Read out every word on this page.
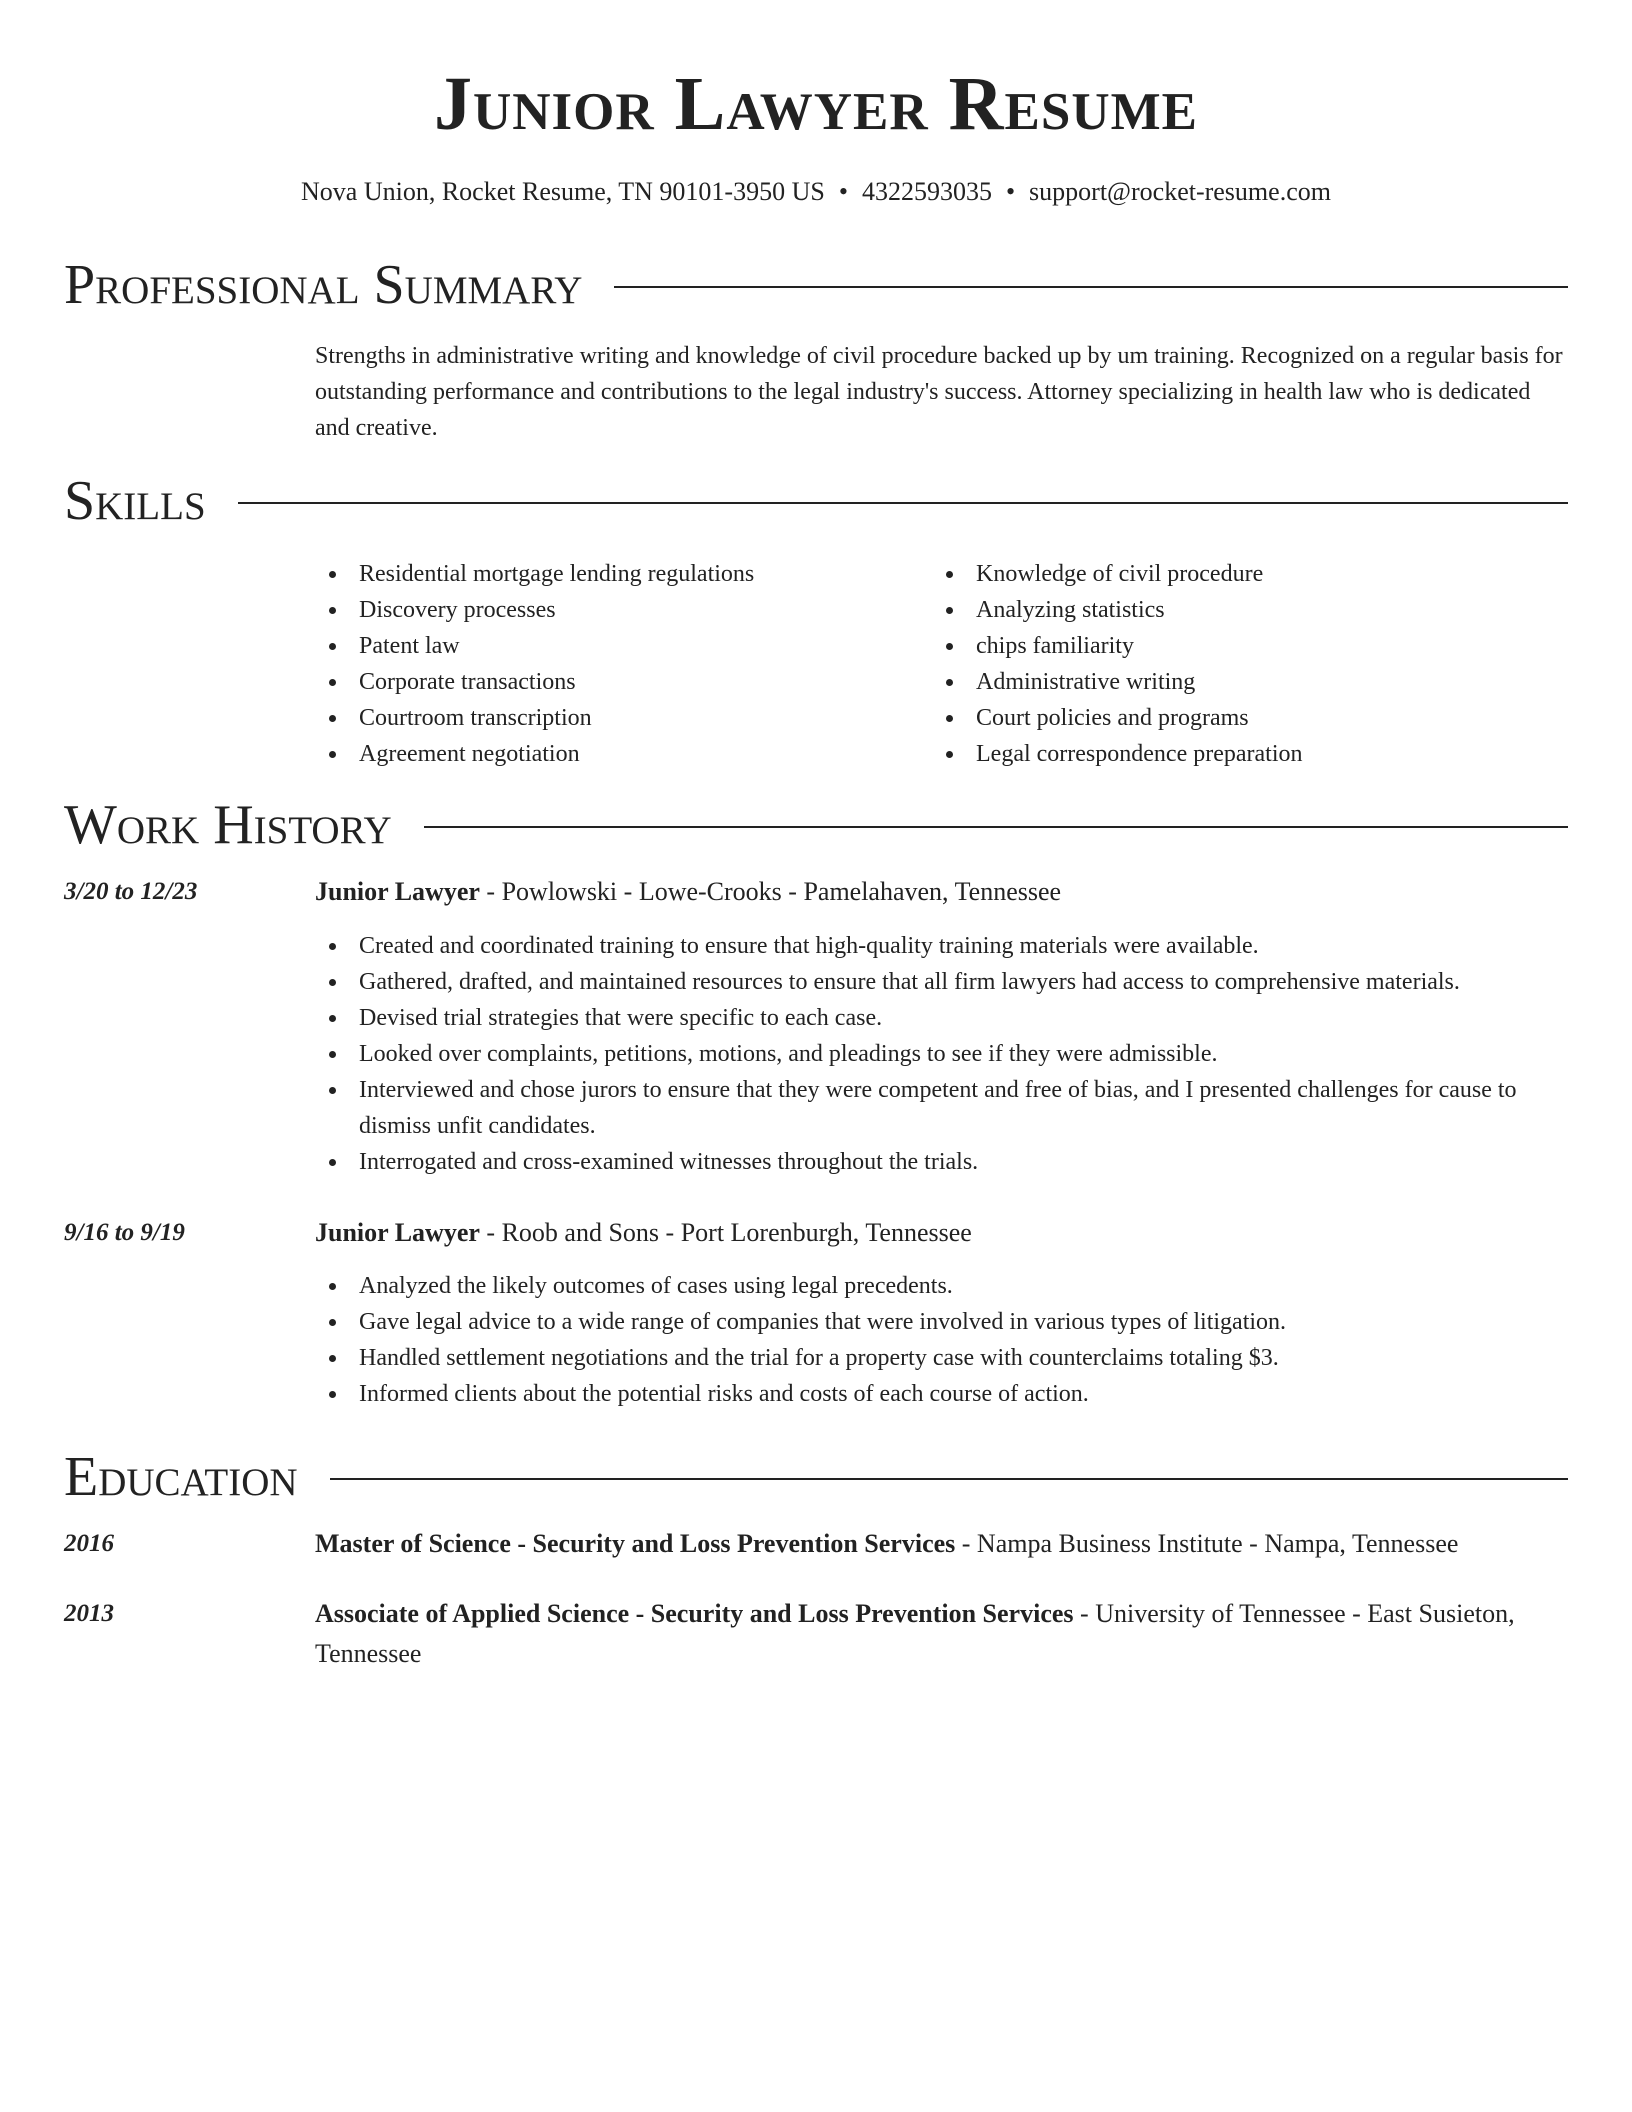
Junior Lawyer Resume
Nova Union, Rocket Resume, TN 90101-3950 US • 4322593035 • support@rocket-resume.com
Professional Summary

Strengths in administrative writing and knowledge of civil procedure backed up by um training. Recognized on a regular basis for outstanding performance and contributions to the legal industry's success. Attorney specializing in health law who is dedicated and creative.

Skills
Residential mortgage lending regulations
Discovery processes
Patent law
Corporate transactions
Courtroom transcription
Agreement negotiation
Knowledge of civil procedure
Analyzing statistics
chips familiarity
Administrative writing
Court policies and programs
Legal correspondence preparation
Work History
3/20 to 12/23	Junior Lawyer - Powlowski - Lowe-Crooks - Pamelahaven, Tennessee
Created and coordinated training to ensure that high-quality training materials were available.
Gathered, drafted, and maintained resources to ensure that all firm lawyers had access to comprehensive materials.
Devised trial strategies that were specific to each case.
Looked over complaints, petitions, motions, and pleadings to see if they were admissible.
Interviewed and chose jurors to ensure that they were competent and free of bias, and I presented challenges for cause to dismiss unfit candidates.
Interrogated and cross-examined witnesses throughout the trials.
9/16 to 9/19	Junior Lawyer - Roob and Sons - Port Lorenburgh, Tennessee
Analyzed the likely outcomes of cases using legal precedents.
Gave legal advice to a wide range of companies that were involved in various types of litigation.
Handled settlement negotiations and the trial for a property case with counterclaims totaling $3.
Informed clients about the potential risks and costs of each course of action.
Education
2016	Master of Science - Security and Loss Prevention Services - Nampa Business Institute - Nampa, Tennessee
2013	Associate of Applied Science - Security and Loss Prevention Services - University of Tennessee - East Susieton, Tennessee
